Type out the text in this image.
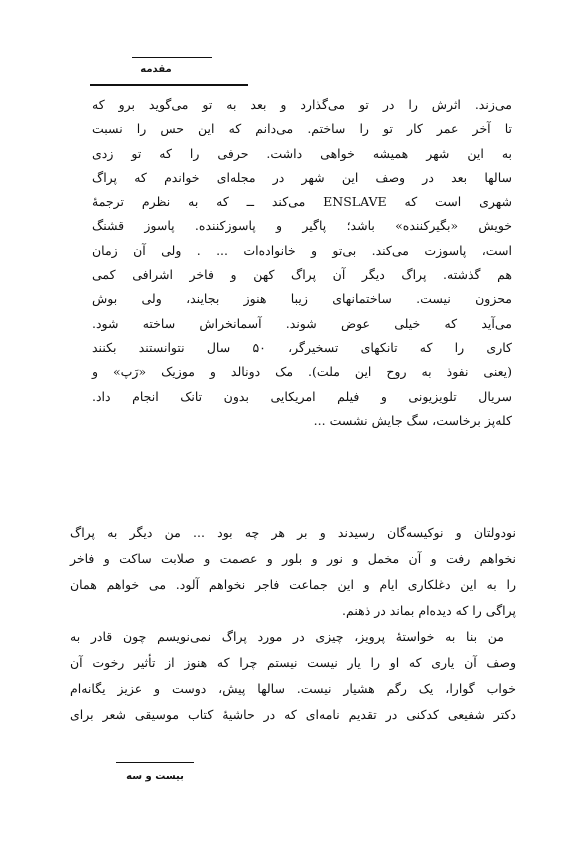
مقدمه

می‌زند. اثرش را در تو می‌گذارد و بعد به تو می‌گوید برو که

تا آخر عمر کار تو را ساختم. می‌دانم که این حس را نسبت

به این شهر همیشه خواهی داشت. حرفی را که تو زدی

سالها بعد در وصف این شهر در مجله‌ای خواندم که پراگ

شهری است که ENSLAVE می‌کند ــ که به نظرم ترجمهٔ

خویش «بگیرکننده» باشد؛ پاگیر و پاسوزکننده. پاسوز قشنگ

است، پاسوزت می‌کند. بی‌تو و خانواده‌ات ... . ولی آن زمان

هم گذشته. پراگ دیگر آن پراگ کهن و فاخر اشرافی کمی

محزون نیست. ساختمانهای زیبا هنوز بجایند، ولی بوش

می‌آید که خیلی عوض شوند. آسمانخراش ساخته شود.

کاری را که تانکهای تسخیرگر، ۵۰ سال نتوانستند بکنند

(یعنی نفوذ به روح این ملت). مک دونالد و موزیک «رَپ» و

سریال تلویزیونی و فیلم امریکایی بدون تانک انجام داد.

کله‌پز برخاست، سگ جایش نشست ...

نودولتان و نوکیسه‌گان رسیدند و بر هر چه بود ... من دیگر به پراگ

نخواهم رفت و آن مخمل و نور و بلور و عصمت و صلابت ساکت و فاخر

را به این دغلکاری ایام و این جماعت فاجر نخواهم آلود. می خواهم همان

پراگی را که دیده‌ام بماند در ذهنم.

من بنا به خواستهٔ پرویز، چیزی در مورد پراگ نمی‌نویسم چون قادر به

وصف آن یاری که او را یار نیست نیستم چرا که هنوز از تأثیر رخوت آن

خواب گوارا، یک رگم هشیار نیست. سالها پیش، دوست و عزیز یگانه‌ام

دکتر شفیعی کدکنی در تقدیم نامه‌ای که در حاشیهٔ کتاب موسیقی شعر برای

بیست و سه
